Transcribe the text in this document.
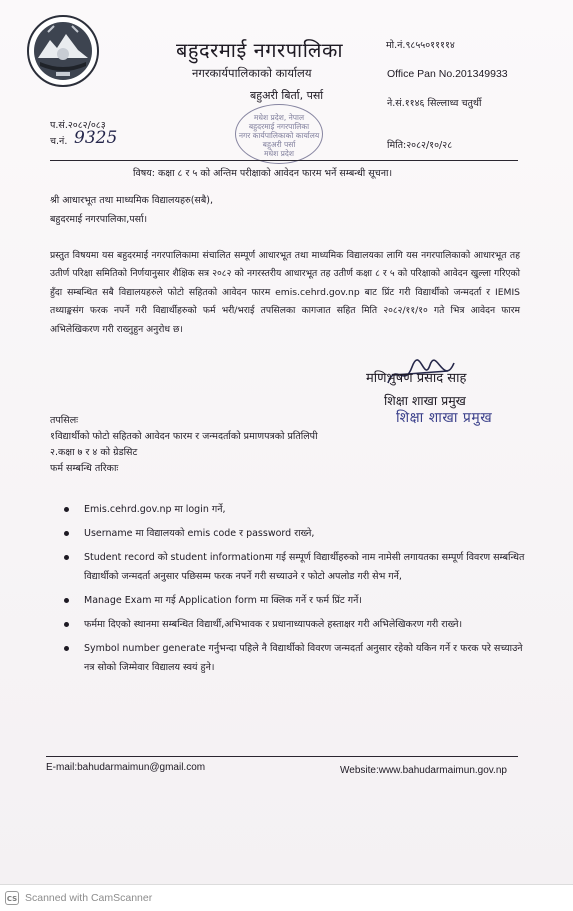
बहुदरमाई नगरपालिका
नगरकार्यपालिकाको कार्यालय
बहुअरी बिर्ता, पर्सा
मधेश प्रदेश, नेपाल
बहुदरमाई नगरपालिका
नगर कार्यपालिकाको कार्यालय
बहुअरी पर्सा
मधेश प्रदेश
मो.नं.९८५५०११११४
Office Pan No.201349933
ने.सं.११४६ सिल्लाध्व चतुर्थी
मिति:२०८२/१०/२८
प.सं.२०८२/०८३
च.नं. 9325
विषय: कक्षा ८ र ५ को अन्तिम परीक्षाको आवेदन फारम भर्ने सम्बन्धी सूचना।
श्री आधारभूत तथा माध्यमिक विद्यालयहरु(सबै),
बहुदरमाई नगरपालिका,पर्सा।
प्रस्तुत विषयमा यस बहुदरमाई नगरपालिकामा संचालित सम्पूर्ण आधारभूत तथा माध्यमिक विद्यालयका लागि यस नगरपालिकाको आधारभूत तह उतीर्ण परिक्षा समितिको निर्णयानुसार शैक्षिक सत्र २०८२ को नगरस्तरीय आधारभूत तह उतीर्ण कक्षा ८ र ५ को परिक्षाको आवेदन खुल्ला गरिएको हुँदा सम्बन्धित सबै विद्यालयहरुले फोटो सहितको आवेदन फारम emis.cehrd.gov.np बाट प्रिंट गरी विद्यार्थीको जन्मदर्ता र IEMIS तथ्याङ्कसंग फरक नपर्ने गरी विद्यार्थीहरुको फर्म भरी/भराई तपसिलका कागजात सहित मिति २०८२/११/१० गते भित्र आवेदन फारम अभिलेखिकरण गरी राख्नुहुन अनुरोध छ।
मणिभुषण प्रसाद साह
शिक्षा शाखा प्रमुख
शिक्षा शाखा प्रमुख
तपसिलः
१विद्यार्थीको फोटो सहितको आवेदन फारम र जन्मदर्ताको प्रमाणपत्रको प्रतिलिपी
२.कक्षा ७ र ४ को ग्रेडसिट
फर्म सम्बन्धि तरिकाः
Emis.cehrd.gov.np मा login गर्ने,
Username मा विद्यालयको emis code र password राख्ने,
Student record को student informationमा गई सम्पूर्ण विद्यार्थीहरुको नाम नामेसी लगायतका सम्पूर्ण विवरण सम्बन्धित विद्यार्थीको जन्मदर्ता अनुसार पछिसम्म फरक नपर्ने गरी सच्याउने र फोटो अपलोड गरी सेभ गर्ने,
Manage Exam मा गई Application form मा क्लिक गर्ने र फर्म प्रिंट गर्ने।
फर्ममा दिएको स्थानमा सम्बन्धित विद्यार्थी,अभिभावक र प्रधानाध्यापकले हस्ताक्षर गरी अभिलेखिकरण गरी राख्ने।
Symbol number generate गर्नुभन्दा पहिले नै विद्यार्थीको विवरण जन्मदर्ता अनुसार रहेको यकिन गर्ने र फरक परे सच्याउने नत्र सोको जिम्मेवार विद्यालय स्वयं हुने।
E-mail:bahudarmaimun@gmail.com	Website:www.bahudarmaimun.gov.np
CS Scanned with CamScanner
